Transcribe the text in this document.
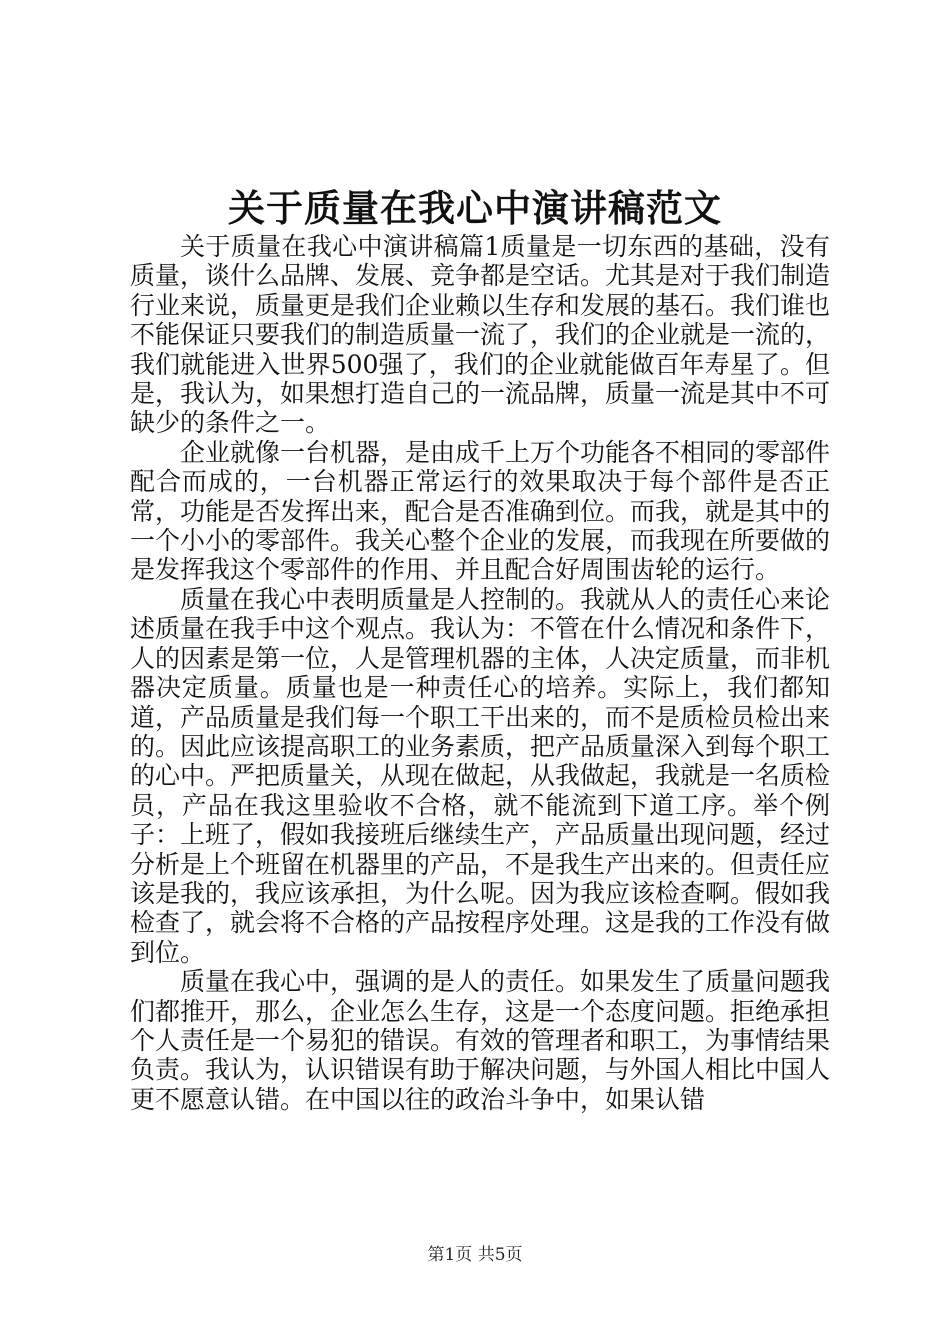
关于质量在我心中演讲稿范文

关于质量在我心中演讲稿篇1质量是一切东西的基础，没有质量，谈什么品牌、发展、竞争都是空话。尤其是对于我们制造行业来说，质量更是我们企业赖以生存和发展的基石。我们谁也不能保证只要我们的制造质量一流了，我们的企业就是一流的，我们就能进入世界500强了，我们的企业就能做百年寿星了。但是，我认为，如果想打造自己的一流品牌，质量一流是其中不可缺少的条件之一。

企业就像一台机器，是由成千上万个功能各不相同的零部件配合而成的，一台机器正常运行的效果取决于每个部件是否正常，功能是否发挥出来，配合是否准确到位。而我，就是其中的一个小小的零部件。我关心整个企业的发展，而我现在所要做的是发挥我这个零部件的作用、并且配合好周围齿轮的运行。

质量在我心中表明质量是人控制的。我就从人的责任心来论述质量在我手中这个观点。我认为：不管在什么情况和条件下，人的因素是第一位，人是管理机器的主体，人决定质量，而非机器决定质量。质量也是一种责任心的培养。实际上，我们都知道，产品质量是我们每一个职工干出来的，而不是质检员检出来的。因此应该提高职工的业务素质，把产品质量深入到每个职工的心中。严把质量关，从现在做起，从我做起，我就是一名质检员，产品在我这里验收不合格，就不能流到下道工序。举个例子：上班了，假如我接班后继续生产，产品质量出现问题，经过分析是上个班留在机器里的产品，不是我生产出来的。但责任应该是我的，我应该承担，为什么呢。因为我应该检查啊。假如我检查了，就会将不合格的产品按程序处理。这是我的工作没有做到位。

质量在我心中，强调的是人的责任。如果发生了质量问题我们都推开，那么，企业怎么生存，这是一个态度问题。拒绝承担个人责任是一个易犯的错误。有效的管理者和职工，为事情结果负责。我认为，认识错误有助于解决问题，与外国人相比中国人更不愿意认错。在中国以往的政治斗争中，如果认错

第1页 共5页
